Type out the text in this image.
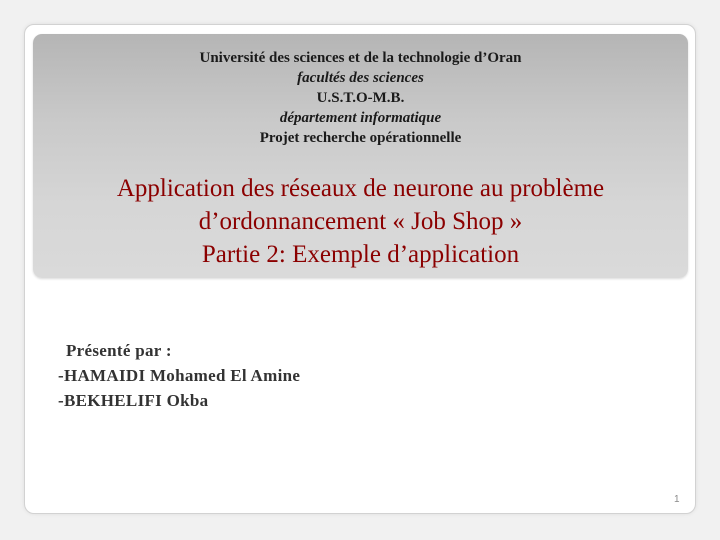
Université des sciences et de la technologie d’Oran
facultés des sciences
U.S.T.O-M.B.
département informatique
Projet recherche opérationnelle
Application des réseaux de neurone au problème
d’ordonnancement « Job Shop »
Partie 2: Exemple d’application
Présenté par :
-HAMAIDI Mohamed El Amine
-BEKHELIFI Okba
1
